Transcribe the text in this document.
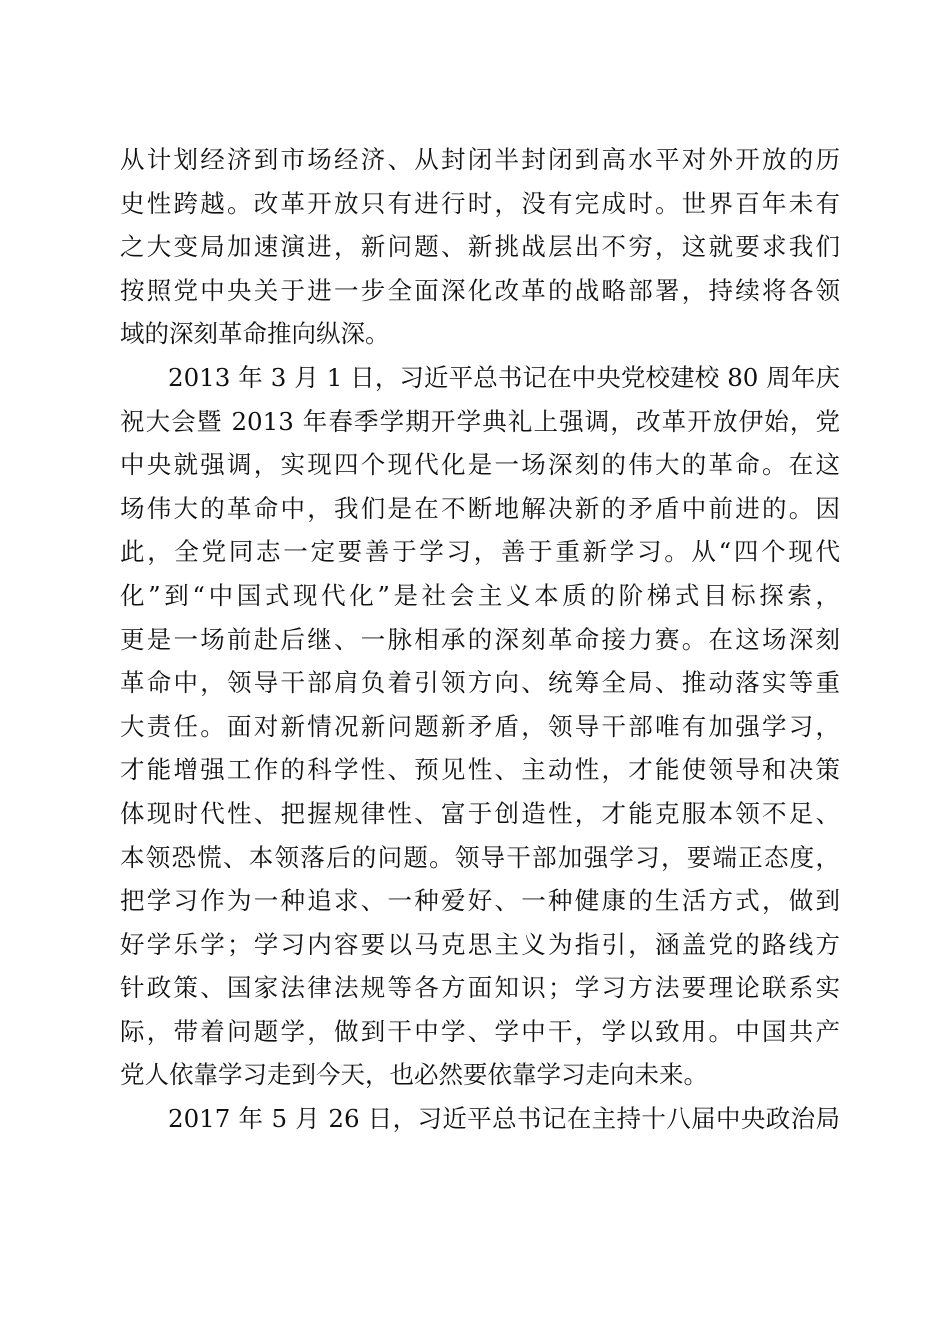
从计划经济到市场经济、从封闭半封闭到高水平对外开放的历
史性跨越。改革开放只有进行时，没有完成时。世界百年未有
之大变局加速演进，新问题、新挑战层出不穷，这就要求我们
按照党中央关于进一步全面深化改革的战略部署，持续将各领
域的深刻革命推向纵深。
2013 年 3 月 1 日，习近平总书记在中央党校建校 80 周年庆
祝大会暨 2013 年春季学期开学典礼上强调，改革开放伊始，党
中央就强调，实现四个现代化是一场深刻的伟大的革命。在这
场伟大的革命中，我们是在不断地解决新的矛盾中前进的。因
此，全党同志一定要善于学习，善于重新学习。从“四个现代
化”到“中国式现代化”是社会主义本质的阶梯式目标探索，
更是一场前赴后继、一脉相承的深刻革命接力赛。在这场深刻
革命中，领导干部肩负着引领方向、统筹全局、推动落实等重
大责任。面对新情况新问题新矛盾，领导干部唯有加强学习，
才能增强工作的科学性、预见性、主动性，才能使领导和决策
体现时代性、把握规律性、富于创造性，才能克服本领不足、
本领恐慌、本领落后的问题。领导干部加强学习，要端正态度，
把学习作为一种追求、一种爱好、一种健康的生活方式，做到
好学乐学；学习内容要以马克思主义为指引，涵盖党的路线方
针政策、国家法律法规等各方面知识；学习方法要理论联系实
际，带着问题学，做到干中学、学中干，学以致用。中国共产
党人依靠学习走到今天，也必然要依靠学习走向未来。
2017 年 5 月 26 日，习近平总书记在主持十八届中央政治局
